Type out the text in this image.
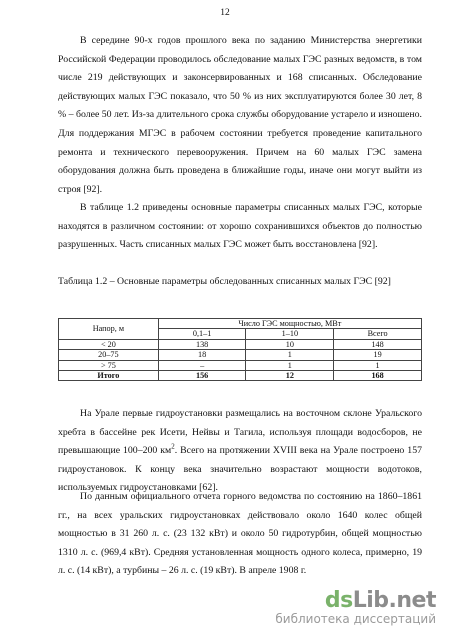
12
В середине 90-х годов прошлого века по заданию Министерства энергетики Российской Федерации проводилось обследование малых ГЭС разных ведомств, в том числе 219 действующих и законсервированных и 168 списанных. Обследование действующих малых ГЭС показало, что 50 % из них эксплуатируются более 30 лет, 8 % – более 50 лет. Из-за длительного срока службы оборудование устарело и изношено. Для поддержания МГЭС в рабочем состоянии требуется проведение капитального ремонта и технического перевооружения. Причем на 60 малых ГЭС замена оборудования должна быть проведена в ближайшие годы, иначе они могут выйти из строя [92].
В таблице 1.2 приведены основные параметры списанных малых ГЭС, которые находятся в различном состоянии: от хорошо сохранившихся объектов до полностью разрушенных. Часть списанных малых ГЭС может быть восстановлена [92].
Таблица 1.2 – Основные параметры обследованных списанных малых ГЭС [92]
Напор, м	Число ГЭС мощностью, МВт		
	0,1–1	1–10	Всего
< 20	138	10	148
20–75	18	1	19
> 75	–	1	1
Итого	156	12	168
На Урале первые гидроустановки размещались на восточном склоне Уральского хребта в бассейне рек Исети, Нейвы и Тагила, используя площади водосборов, не превышающие 100–200 $км^2$. Всего на протяжении XVIII века на Урале построено 157 гидроустановок. К концу века значительно возрастают мощности водотоков, используемых гидроустановками [62].
По данным официального отчета горного ведомства по состоянию на 1860–1861 гг., на всех уральских гидроустановках действовало около 1640 колес общей мощностью в 31 260 л. с. (23 132 кВт) и около 50 гидротурбин, общей мощностью 1310 л. с. (969,4 кВт). Средняя установленная мощность одного колеса, примерно, 19 л. с. (14 кВт), а турбины – 26 л. с. (19 кВт). В апреле 1908 г.
dsLib.net
библиотека диссертаций
